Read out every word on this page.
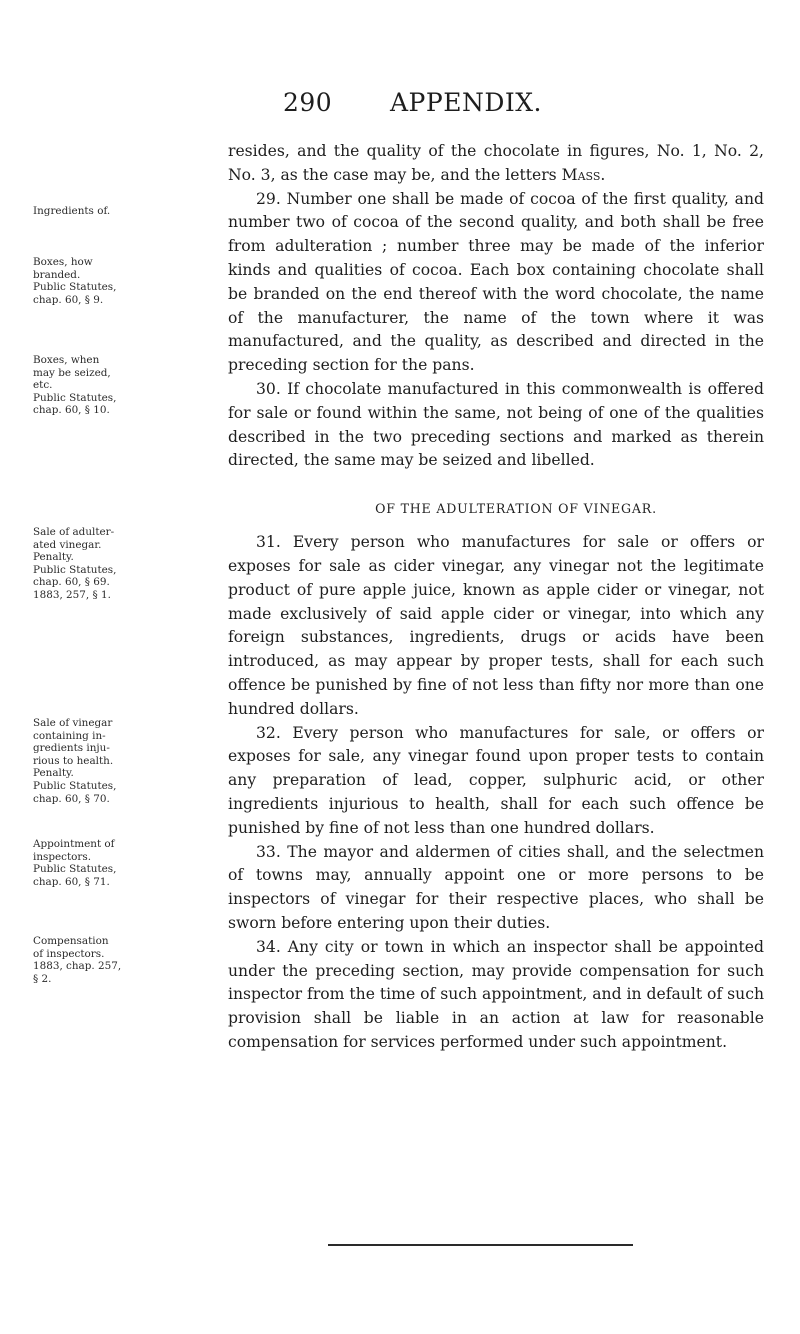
290 APPENDIX.
Ingredients of.
Boxes, how
branded.
Public Statutes,
chap. 60, § 9.
Boxes, when
may be seized,
etc.
Public Statutes,
chap. 60, § 10.
Sale of adulter-
ated vinegar.
Penalty.
Public Statutes,
chap. 60, § 69.
1883, 257, § 1.
Sale of vinegar
containing in-
gredients inju-
rious to health.
Penalty.
Public Statutes,
chap. 60, § 70.
Appointment of
inspectors.
Public Statutes,
chap. 60, § 71.
Compensation
of inspectors.
1883, chap. 257,
§ 2.

resides, and the quality of the chocolate in figures, No. 1, No. 2, No. 3, as the case may be, and the letters Mass.

29. Number one shall be made of cocoa of the first quality, and number two of cocoa of the second quality, and both shall be free from adulteration ; number three may be made of the inferior kinds and qualities of cocoa. Each box containing chocolate shall be branded on the end thereof with the word chocolate, the name of the manufacturer, the name of the town where it was manufactured, and the quality, as described and directed in the preceding section for the pans.

30. If chocolate manufactured in this commonwealth is offered for sale or found within the same, not being of one of the qualities described in the two preceding sections and marked as therein directed, the same may be seized and libelled.

OF THE ADULTERATION OF VINEGAR.

31. Every person who manufactures for sale or offers or exposes for sale as cider vinegar, any vinegar not the legitimate product of pure apple juice, known as apple cider or vinegar, not made exclusively of said apple cider or vinegar, into which any foreign substances, ingredients, drugs or acids have been introduced, as may appear by proper tests, shall for each such offence be punished by fine of not less than fifty nor more than one hundred dollars.

32. Every person who manufactures for sale, or offers or exposes for sale, any vinegar found upon proper tests to contain any preparation of lead, copper, sulphuric acid, or other ingredients injurious to health, shall for each such offence be punished by fine of not less than one hundred dollars.

33. The mayor and aldermen of cities shall, and the selectmen of towns may, annually appoint one or more persons to be inspectors of vinegar for their respective places, who shall be sworn before entering upon their duties.

34. Any city or town in which an inspector shall be appointed under the preceding section, may provide compensation for such inspector from the time of such appointment, and in default of such provision shall be liable in an action at law for reasonable compensation for services performed under such appointment.
